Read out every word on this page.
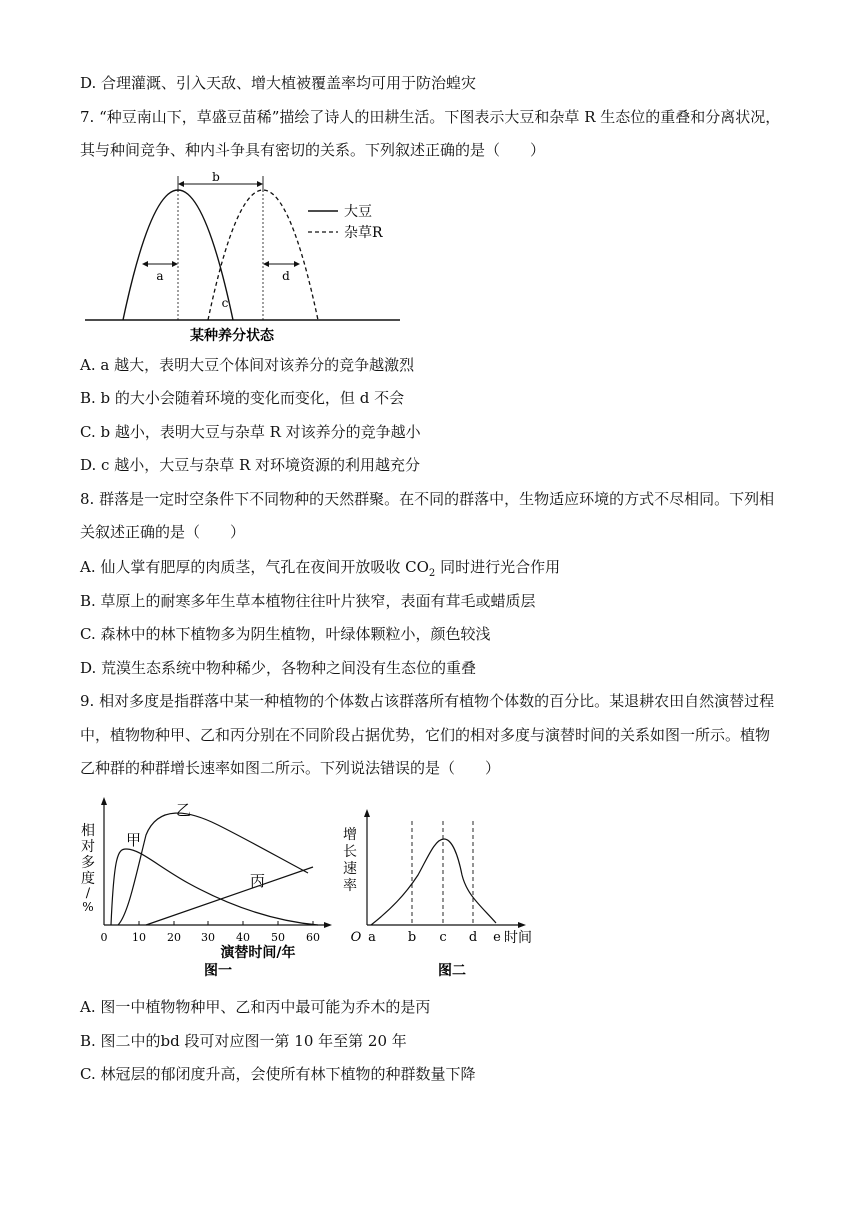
D. 合理灌溉、引入天敌、增大植被覆盖率均可用于防治蝗灾
7. “种豆南山下，草盛豆苗稀”描绘了诗人的田耕生活。下图表示大豆和杂草 R 生态位的重叠和分离状况，
其与种间竞争、种内斗争具有密切的关系。下列叙述正确的是（　　）
b
a	d
c
大豆
杂草R
某种养分状态
A. a 越大，表明大豆个体间对该养分的竞争越激烈
B. b 的大小会随着环境的变化而变化，但 d 不会
C. b 越小，表明大豆与杂草 R 对该养分的竞争越小
D. c 越小，大豆与杂草 R 对环境资源的利用越充分
8. 群落是一定时空条件下不同物种的天然群聚。在不同的群落中，生物适应环境的方式不尽相同。下列相
关叙述正确的是（　　）
A. 仙人掌有肥厚的肉质茎，气孔在夜间开放吸收 $CO_2$ 同时进行光合作用
B. 草原上的耐寒多年生草本植物往往叶片狭窄，表面有茸毛或蜡质层
C. 森林中的林下植物多为阴生植物，叶绿体颗粒小，颜色较浅
D. 荒漠生态系统中物种稀少，各物种之间没有生态位的重叠
9. 相对多度是指群落中某一种植物的个体数占该群落所有植物个体数的百分比。某退耕农田自然演替过程
中，植物物种甲、乙和丙分别在不同阶段占据优势，它们的相对多度与演替时间的关系如图一所示。植物
乙种群的种群增长速率如图二所示。下列说法错误的是（　　）
相
对
多
度
/
%
0 10 20 30 40 50 60
甲
乙
丙
演替时间/年
图一
增
长
速
率
O a b c d e 时间
图二
A. 图一中植物物种甲、乙和丙中最可能为乔木的是丙
B. 图二中的bd 段可对应图一第 10 年至第 20 年
C. 林冠层的郁闭度升高，会使所有林下植物的种群数量下降
